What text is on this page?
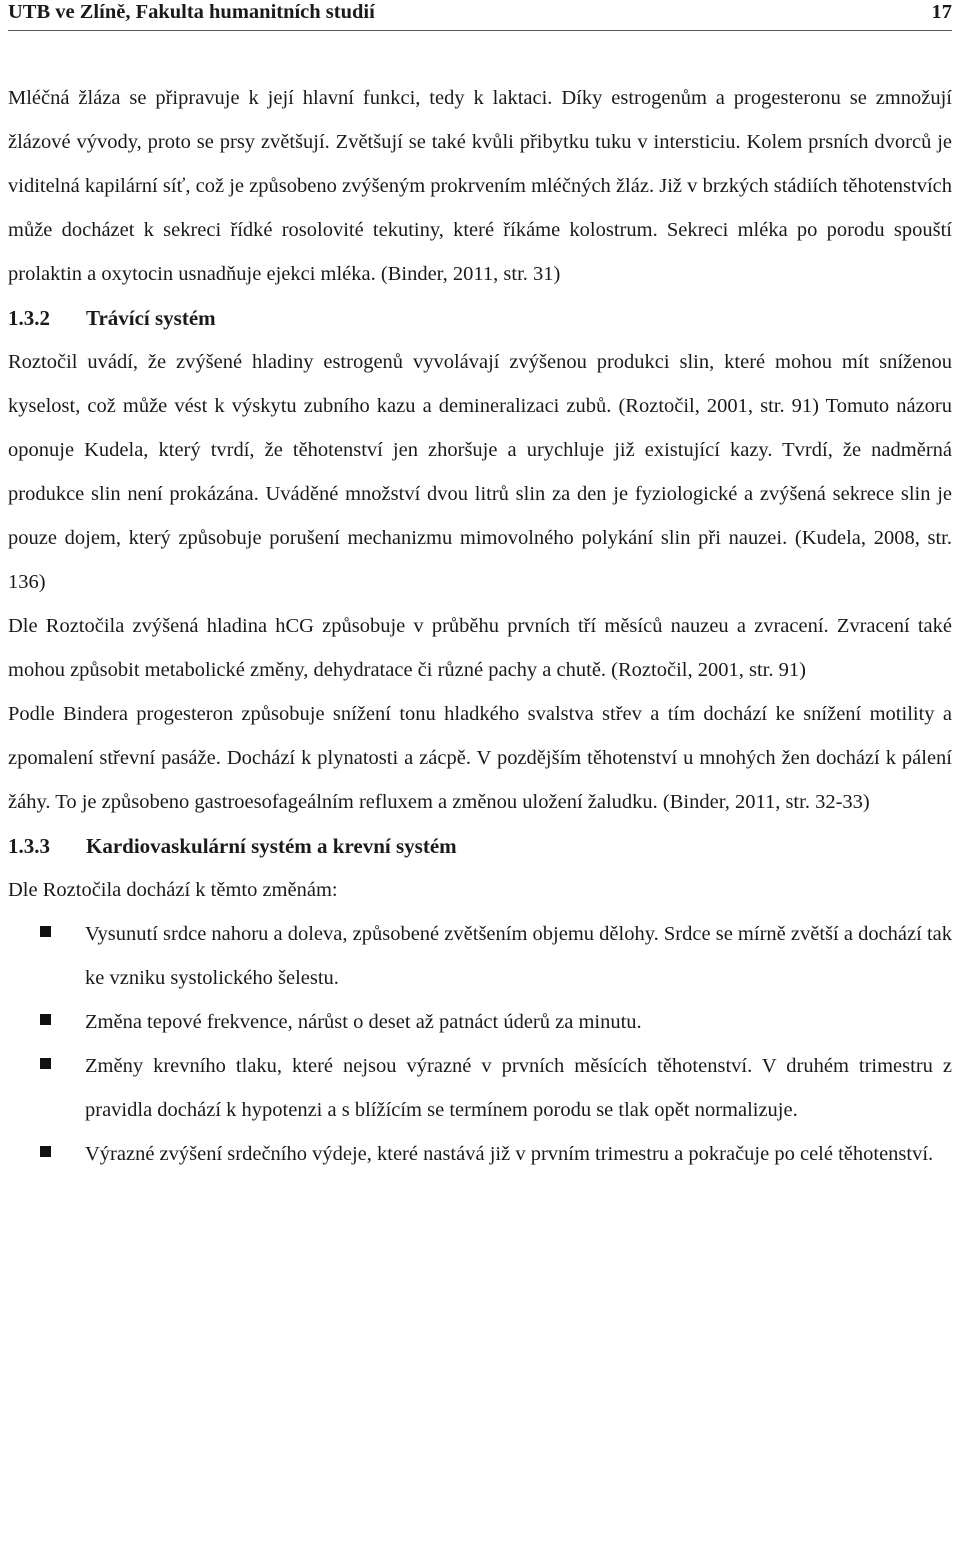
UTB ve Zlíně, Fakulta humanitních studií	17

Mléčná žláza se připravuje k její hlavní funkci, tedy k laktaci. Díky estrogenům a progesteronu se zmnožují žlázové vývody, proto se prsy zvětšují. Zvětšují se také kvůli přibytku tuku v intersticiu. Kolem prsních dvorců je viditelná kapilární síť, což je způsobeno zvýšeným prokrvením mléčných žláz. Již v brzkých stádiích těhotenstvích může docházet k sekreci řídké rosolovité tekutiny, které říkáme kolostrum. Sekreci mléka po porodu spouští prolaktin a oxytocin usnadňuje ejekci mléka. (Binder, 2011, str. 31)

1.3.2 Trávící systém

Roztočil uvádí, že zvýšené hladiny estrogenů vyvolávají zvýšenou produkci slin, které mohou mít sníženou kyselost, což může vést k výskytu zubního kazu a demineralizaci zubů. (Roztočil, 2001, str. 91) Tomuto názoru oponuje Kudela, který tvrdí, že těhotenství jen zhoršuje a urychluje již existující kazy. Tvrdí, že nadměrná produkce slin není prokázána. Uváděné množství dvou litrů slin za den je fyziologické a zvýšená sekrece slin je pouze dojem, který způsobuje porušení mechanizmu mimovolného polykání slin při nauzei. (Kudela, 2008, str. 136)

Dle Roztočila zvýšená hladina hCG způsobuje v průběhu prvních tří měsíců nauzeu a zvracení. Zvracení také mohou způsobit metabolické změny, dehydratace či různé pachy a chutě. (Roztočil, 2001, str. 91)

Podle Bindera progesteron způsobuje snížení tonu hladkého svalstva střev a tím dochází ke snížení motility a zpomalení střevní pasáže. Dochází k plynatosti a zácpě. V pozdějším těhotenství u mnohých žen dochází k pálení žáhy. To je způsobeno gastroesofageálním refluxem a změnou uložení žaludku. (Binder, 2011, str. 32-33)

1.3.3 Kardiovaskulární systém a krevní systém

Dle Roztočila dochází k těmto změnám:

Vysunutí srdce nahoru a doleva, způsobené zvětšením objemu dělohy. Srdce se mírně zvětší a dochází tak ke vzniku systolického šelestu.
Změna tepové frekvence, nárůst o deset až patnáct úderů za minutu.
Změny krevního tlaku, které nejsou výrazné v prvních měsících těhotenství. V druhém trimestru z pravidla dochází k hypotenzi a s blížícím se termínem porodu se tlak opět normalizuje.
Výrazné zvýšení srdečního výdeje, které nastává již v prvním trimestru a pokračuje po celé těhotenství.
